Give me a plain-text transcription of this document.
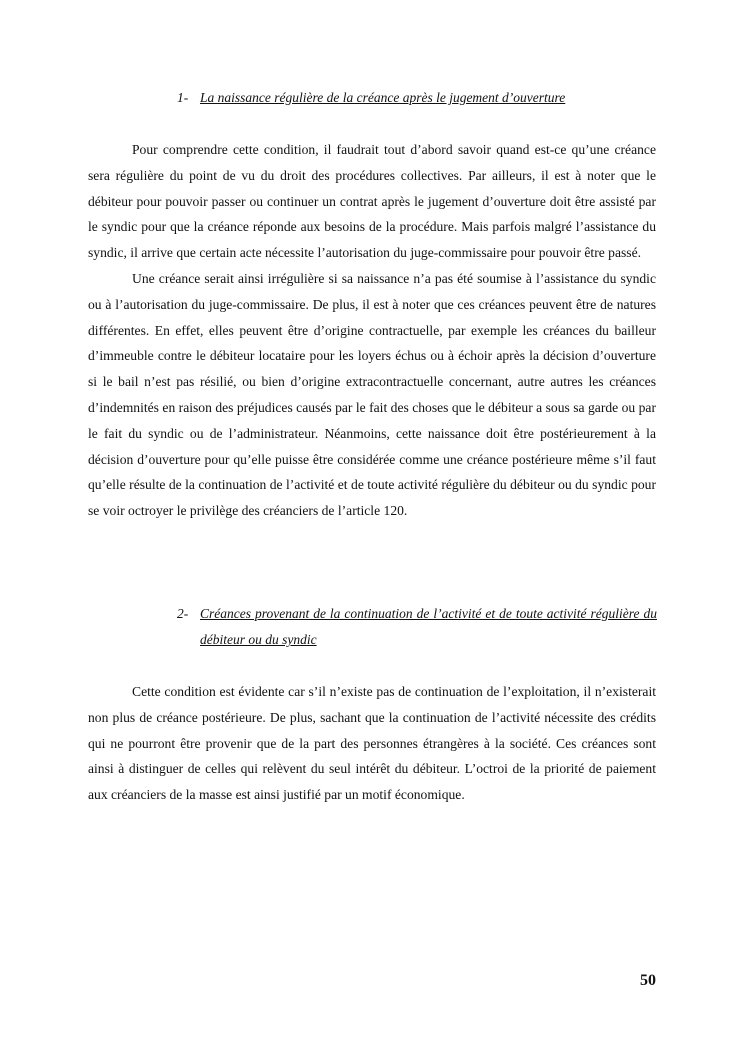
1- La naissance régulière de la créance après le jugement d’ouverture

Pour comprendre cette condition, il faudrait tout d’abord savoir quand est-ce qu’une créance sera régulière du point de vu du droit des procédures collectives. Par ailleurs, il est à noter que le débiteur pour pouvoir passer ou continuer un contrat après le jugement d’ouverture doit être assisté par le syndic pour que la créance réponde aux besoins de la procédure. Mais parfois malgré l’assistance du syndic, il arrive que certain acte nécessite l’autorisation du juge-commissaire pour pouvoir être passé.

Une créance serait ainsi irrégulière si sa naissance n’a pas été soumise à l’assistance du syndic ou à l’autorisation du juge-commissaire. De plus, il est à noter que ces créances peuvent être de natures différentes. En effet, elles peuvent être d’origine contractuelle, par exemple les créances du bailleur d’immeuble contre le débiteur locataire pour les loyers échus ou à échoir après la décision d’ouverture si le bail n’est pas résilié, ou bien d’origine extracontractuelle concernant, autre autres les créances d’indemnités en raison des préjudices causés par le fait des choses que le débiteur a sous sa garde ou par le fait du syndic ou de l’administrateur. Néanmoins, cette naissance doit être postérieurement à la décision d’ouverture pour qu’elle puisse être considérée comme une créance postérieure même s’il faut qu’elle résulte de la continuation de l’activité et de toute activité régulière du débiteur ou du syndic pour se voir octroyer le privilège des créanciers de l’article 120.

2- Créances provenant de la continuation de l’activité et de toute activité régulière du débiteur ou du syndic

Cette condition est évidente car s’il n’existe pas de continuation de l’exploitation, il n’existerait non plus de créance postérieure. De plus, sachant que la continuation de l’activité nécessite des crédits qui ne pourront être provenir que de la part des personnes étrangères à la société. Ces créances sont ainsi à distinguer de celles qui relèvent du seul intérêt du débiteur. L’octroi de la priorité de paiement aux créanciers de la masse est ainsi justifié par un motif économique.

50
